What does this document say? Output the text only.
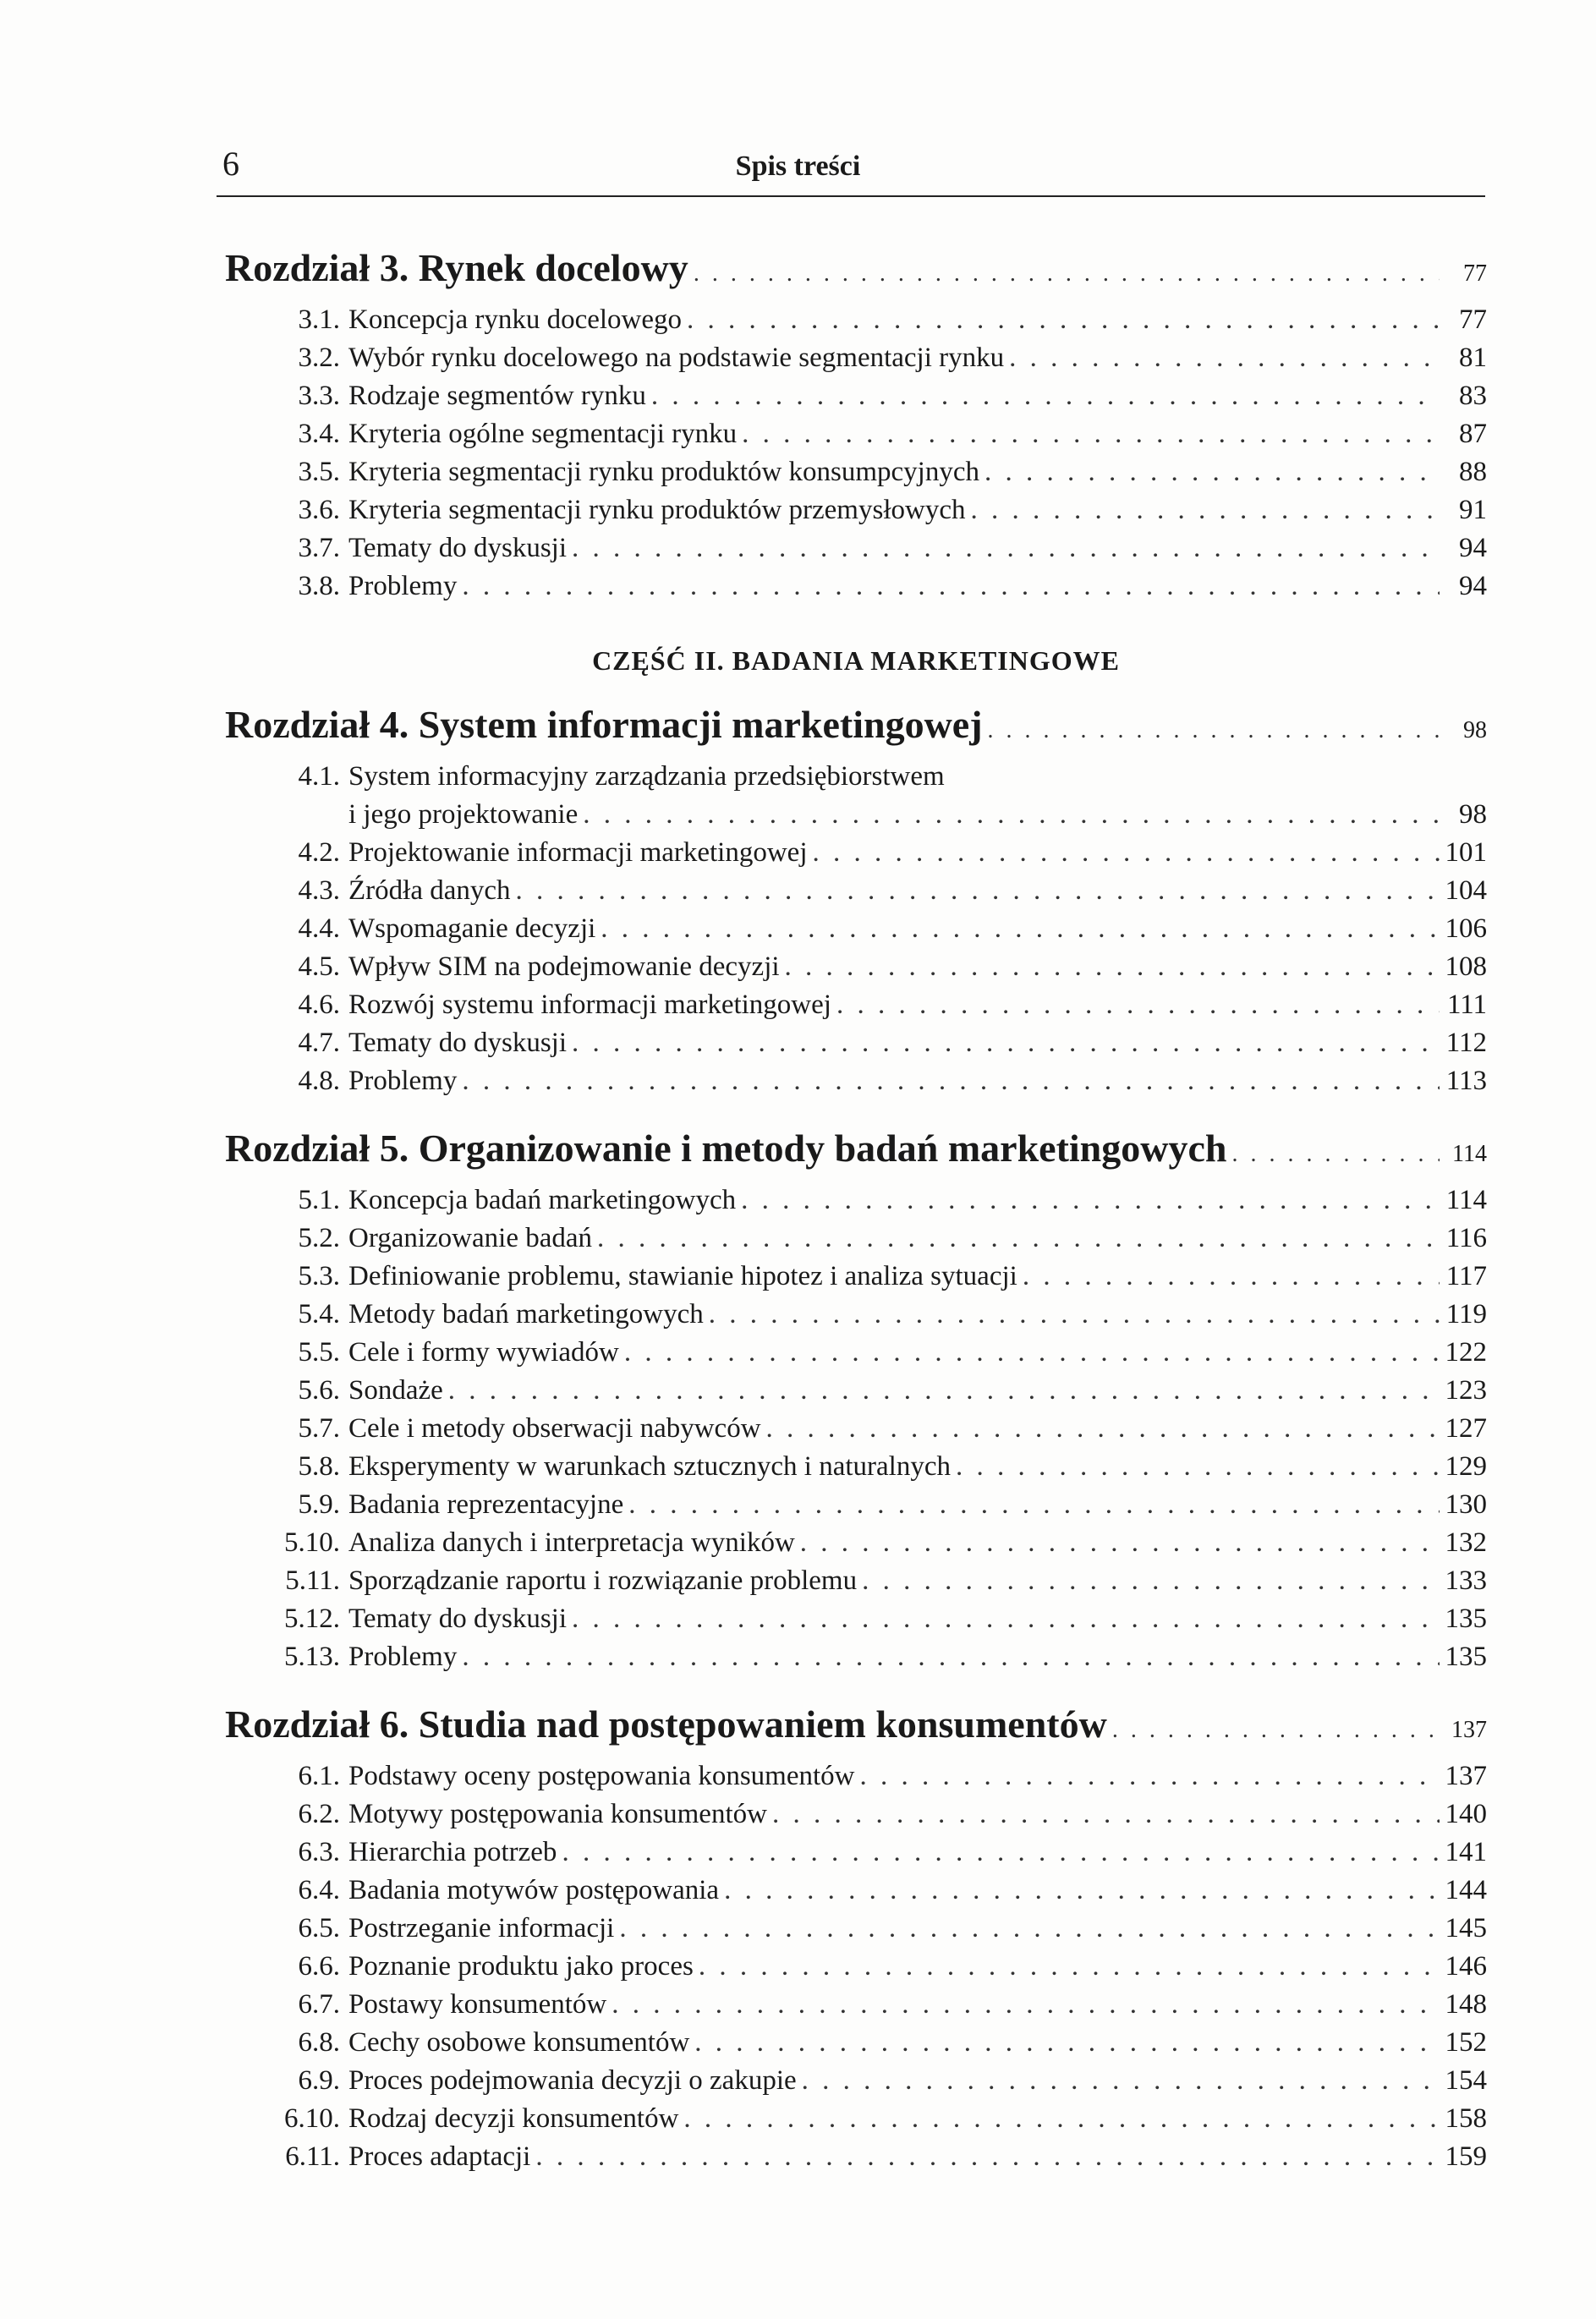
6	Spis treści
Rozdział 3. Rynek docelowy . . .	77
3.1. Koncepcja rynku docelowego . . .	77
3.2. Wybór rynku docelowego na podstawie segmentacji rynku . . .	81
3.3. Rodzaje segmentów rynku . . .	83
3.4. Kryteria ogólne segmentacji rynku . . .	87
3.5. Kryteria segmentacji rynku produktów konsumpcyjnych . . .	88
3.6. Kryteria segmentacji rynku produktów przemysłowych . . .	91
3.7. Tematy do dyskusji . . .	94
3.8. Problemy . . .	94
CZĘŚĆ II. BADANIA MARKETINGOWE
Rozdział 4. System informacji marketingowej . . .	98
4.1. System informacyjny zarządzania przedsiębiorstwem
i jego projektowanie . . .	98
4.2. Projektowanie informacji marketingowej . . .	101
4.3. Źródła danych . . .	104
4.4. Wspomaganie decyzji . . .	106
4.5. Wpływ SIM na podejmowanie decyzji . . .	108
4.6. Rozwój systemu informacji marketingowej . . .	111
4.7. Tematy do dyskusji . . .	112
4.8. Problemy . . .	113
Rozdział 5. Organizowanie i metody badań marketingowych . . .	114
5.1. Koncepcja badań marketingowych . . .	114
5.2. Organizowanie badań . . .	116
5.3. Definiowanie problemu, stawianie hipotez i analiza sytuacji . . .	117
5.4. Metody badań marketingowych . . .	119
5.5. Cele i formy wywiadów . . .	122
5.6. Sondaże . . .	123
5.7. Cele i metody obserwacji nabywców . . .	127
5.8. Eksperymenty w warunkach sztucznych i naturalnych . . .	129
5.9. Badania reprezentacyjne . . .	130
5.10. Analiza danych i interpretacja wyników . . .	132
5.11. Sporządzanie raportu i rozwiązanie problemu . . .	133
5.12. Tematy do dyskusji . . .	135
5.13. Problemy . . .	135
Rozdział 6. Studia nad postępowaniem konsumentów . . .	137
6.1. Podstawy oceny postępowania konsumentów . . .	137
6.2. Motywy postępowania konsumentów . . .	140
6.3. Hierarchia potrzeb . . .	141
6.4. Badania motywów postępowania . . .	144
6.5. Postrzeganie informacji . . .	145
6.6. Poznanie produktu jako proces . . .	146
6.7. Postawy konsumentów . . .	148
6.8. Cechy osobowe konsumentów . . .	152
6.9. Proces podejmowania decyzji o zakupie . . .	154
6.10. Rodzaj decyzji konsumentów . . .	158
6.11. Proces adaptacji . . .	159
